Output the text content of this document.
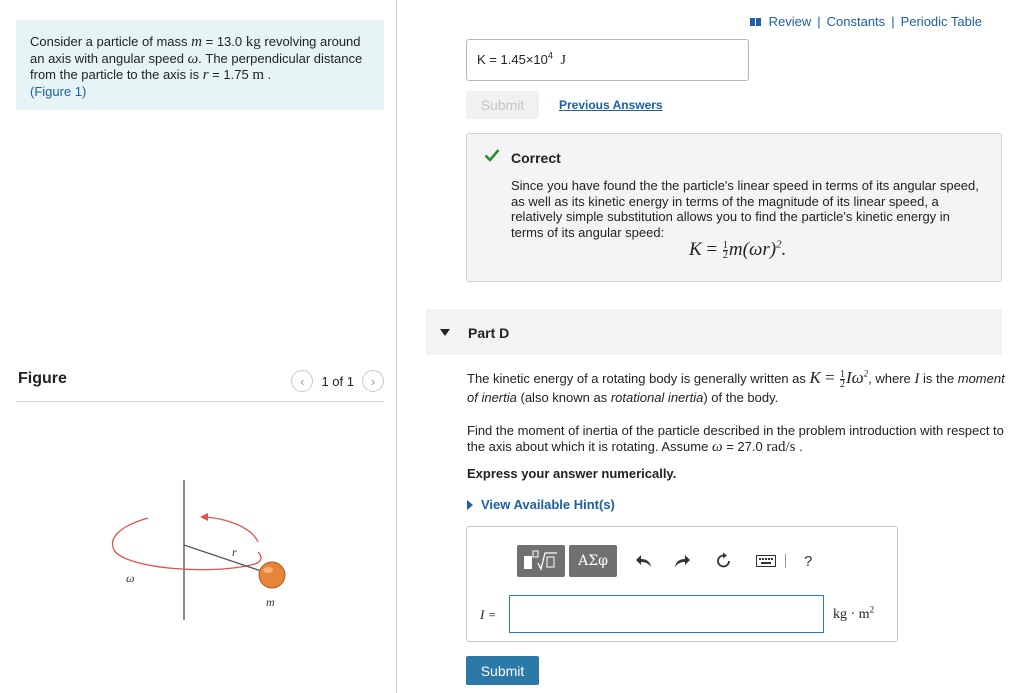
Consider a particle of mass m = 13.0 kg revolving around an axis with angular speed ω. The perpendicular distance from the particle to the axis is r = 1.75 m .
(Figure 1)
Figure	‹	1 of 1	›
r
ω
m
Review | Constants | Periodic Table
$K = 1.45\times 10^4$ J
Submit	Previous Answers
Correct
Since you have found the the particle's linear speed in terms of its angular speed, as well as its kinetic energy in terms of the magnitude of its linear speed, a relatively simple substitution allows you to find the particle's kinetic energy in terms of its angular speed:
$K = \frac{1}{2} m(\omega r)^2$.
Part D
The kinetic energy of a rotating body is generally written as $K = \frac{1}{2} I\omega^2$, where I is the moment of inertia (also known as rotational inertia) of the body.
Find the moment of inertia of the particle described in the problem introduction with respect to the axis about which it is rotating. Assume ω = 27.0 rad/s .
Express your answer numerically.
View Available Hint(s)
ΑΣφ	?
I =	kg · $m^2$
Submit
